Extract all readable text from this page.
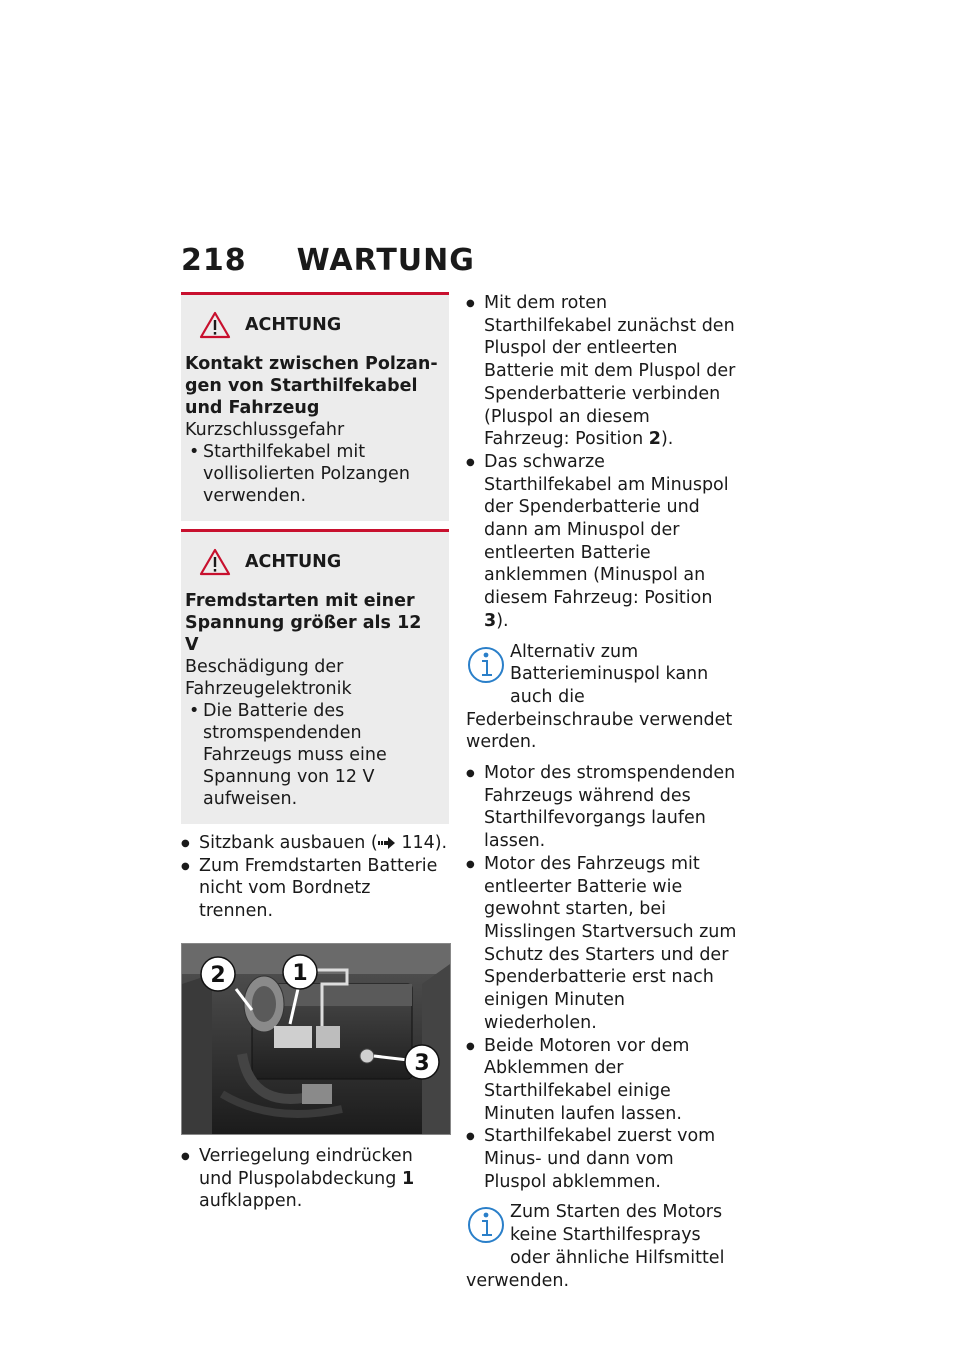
218 WARTUNG
ACHTUNG
Kontakt zwischen Polzangen von Starthilfekabel und Fahrzeug
Kurzschlussgefahr
• Starthilfekabel mit vollisolierten Polzangen verwenden.
ACHTUNG
Fremdstarten mit einer Spannung größer als 12 V
Beschädigung der Fahrzeugelektronik
• Die Batterie des stromspendenden Fahrzeugs muss eine Spannung von 12 V aufweisen.
● Sitzbank ausbauen ( 114).
● Zum Fremdstarten Batterie nicht vom Bordnetz trennen.
2	1
3
● Verriegelung eindrücken und Pluspolabdeckung 1 aufklappen.
● Mit dem roten Starthilfekabel zunächst den Pluspol der entleerten Batterie mit dem Pluspol der Spenderbatterie verbinden (Pluspol an diesem Fahrzeug: Position 2).
● Das schwarze Starthilfekabel am Minuspol der Spenderbatterie und dann am Minuspol der entleerten Batterie anklemmen (Minuspol an diesem Fahrzeug: Position 3).
Alternativ zum Batterieminuspol kann auch die Federbeinschraube verwendet werden.
● Motor des stromspendenden Fahrzeugs während des Starthilfevorgangs laufen lassen.
● Motor des Fahrzeugs mit entleerter Batterie wie gewohnt starten, bei Misslingen Startversuch zum Schutz des Starters und der Spenderbatterie erst nach einigen Minuten wiederholen.
● Beide Motoren vor dem Abklemmen der Starthilfekabel einige Minuten laufen lassen.
● Starthilfekabel zuerst vom Minus- und dann vom Pluspol abklemmen.
Zum Starten des Motors keine Starthilfesprays oder ähnliche Hilfsmittel verwenden.
